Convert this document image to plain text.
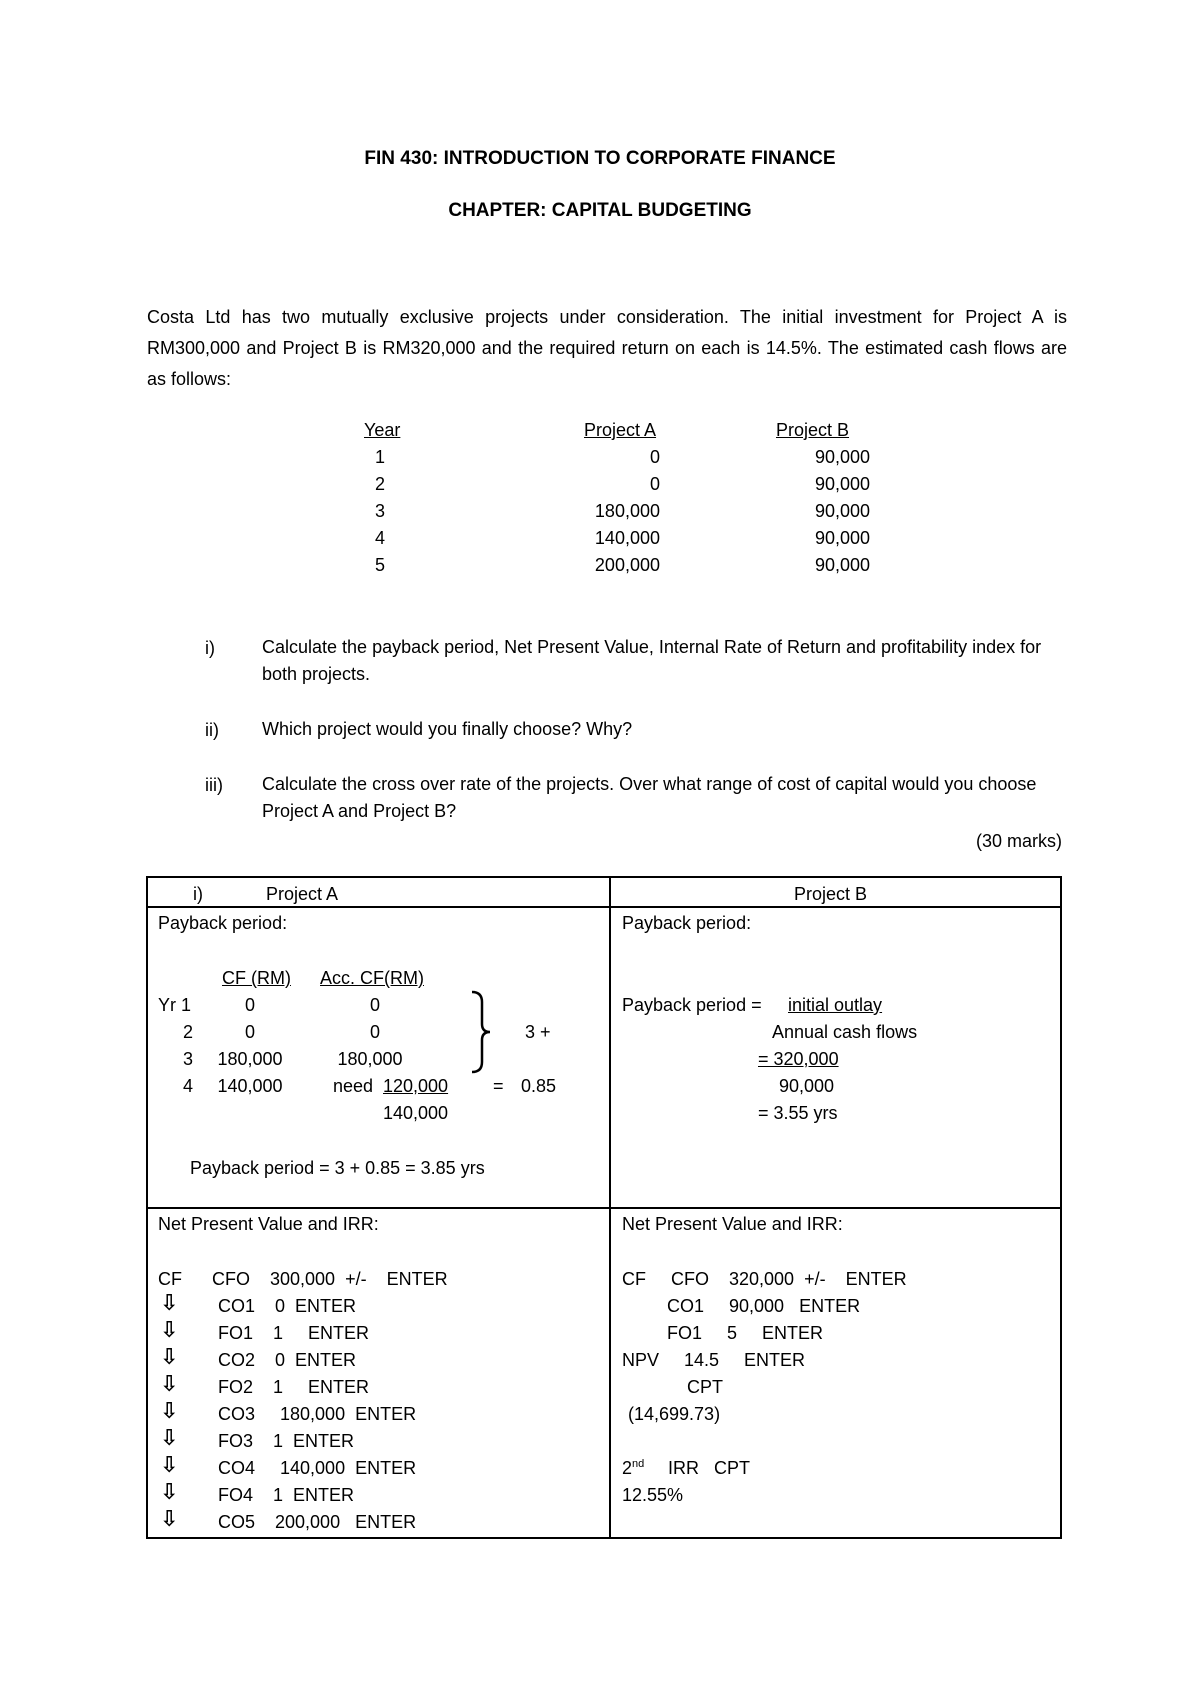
FIN 430: INTRODUCTION TO CORPORATE FINANCE
CHAPTER: CAPITAL BUDGETING
Costa Ltd has two mutually exclusive projects under consideration. The initial investment for Project A is RM300,000 and Project B is RM320,000 and the required return on each is 14.5%. The estimated cash flows are as follows:
Year	Project A	Project B
1	0	90,000
2	0	90,000
3	180,000	90,000
4	140,000	90,000
5	200,000	90,000
i)	Calculate the payback period, Net Present Value, Internal Rate of Return and profitability index for both projects.
ii) Which project would you finally choose? Why?
iii) Calculate the cross over rate of the projects. Over what range of cost of capital would you choose Project A and Project B?
(30 marks)
i)	Project A	Project B
Payback period:
CF (RM) Acc. CF(RM)
Yr 1	0	0
2	0	0
3	180,000	180,000
4	140,000	need 120,000 = 0.85
140,000
3 +
Payback period = 3 + 0.85 = 3.85 yrs
Payback period:
Payback period = initial outlay
Annual cash flows
= 320,000
90,000
= 3.55 yrs
Net Present Value and IRR:
CF      CFO    300,000  +/-    ENTER
⇩ CO1    0  ENTER
⇩ FO1    1     ENTER
⇩ CO2    0  ENTER
⇩ FO2    1     ENTER
⇩ CO3     180,000  ENTER
⇩ FO3    1  ENTER
⇩ CO4     140,000  ENTER
⇩ FO4    1  ENTER
⇩ CO5    200,000   ENTER
Net Present Value and IRR:
CF     CFO    320,000  +/-    ENTER
CO1     90,000   ENTER
FO1     5     ENTER
NPV     14.5     ENTER
CPT
(14,699.73)
2nd IRR   CPT
12.55%
